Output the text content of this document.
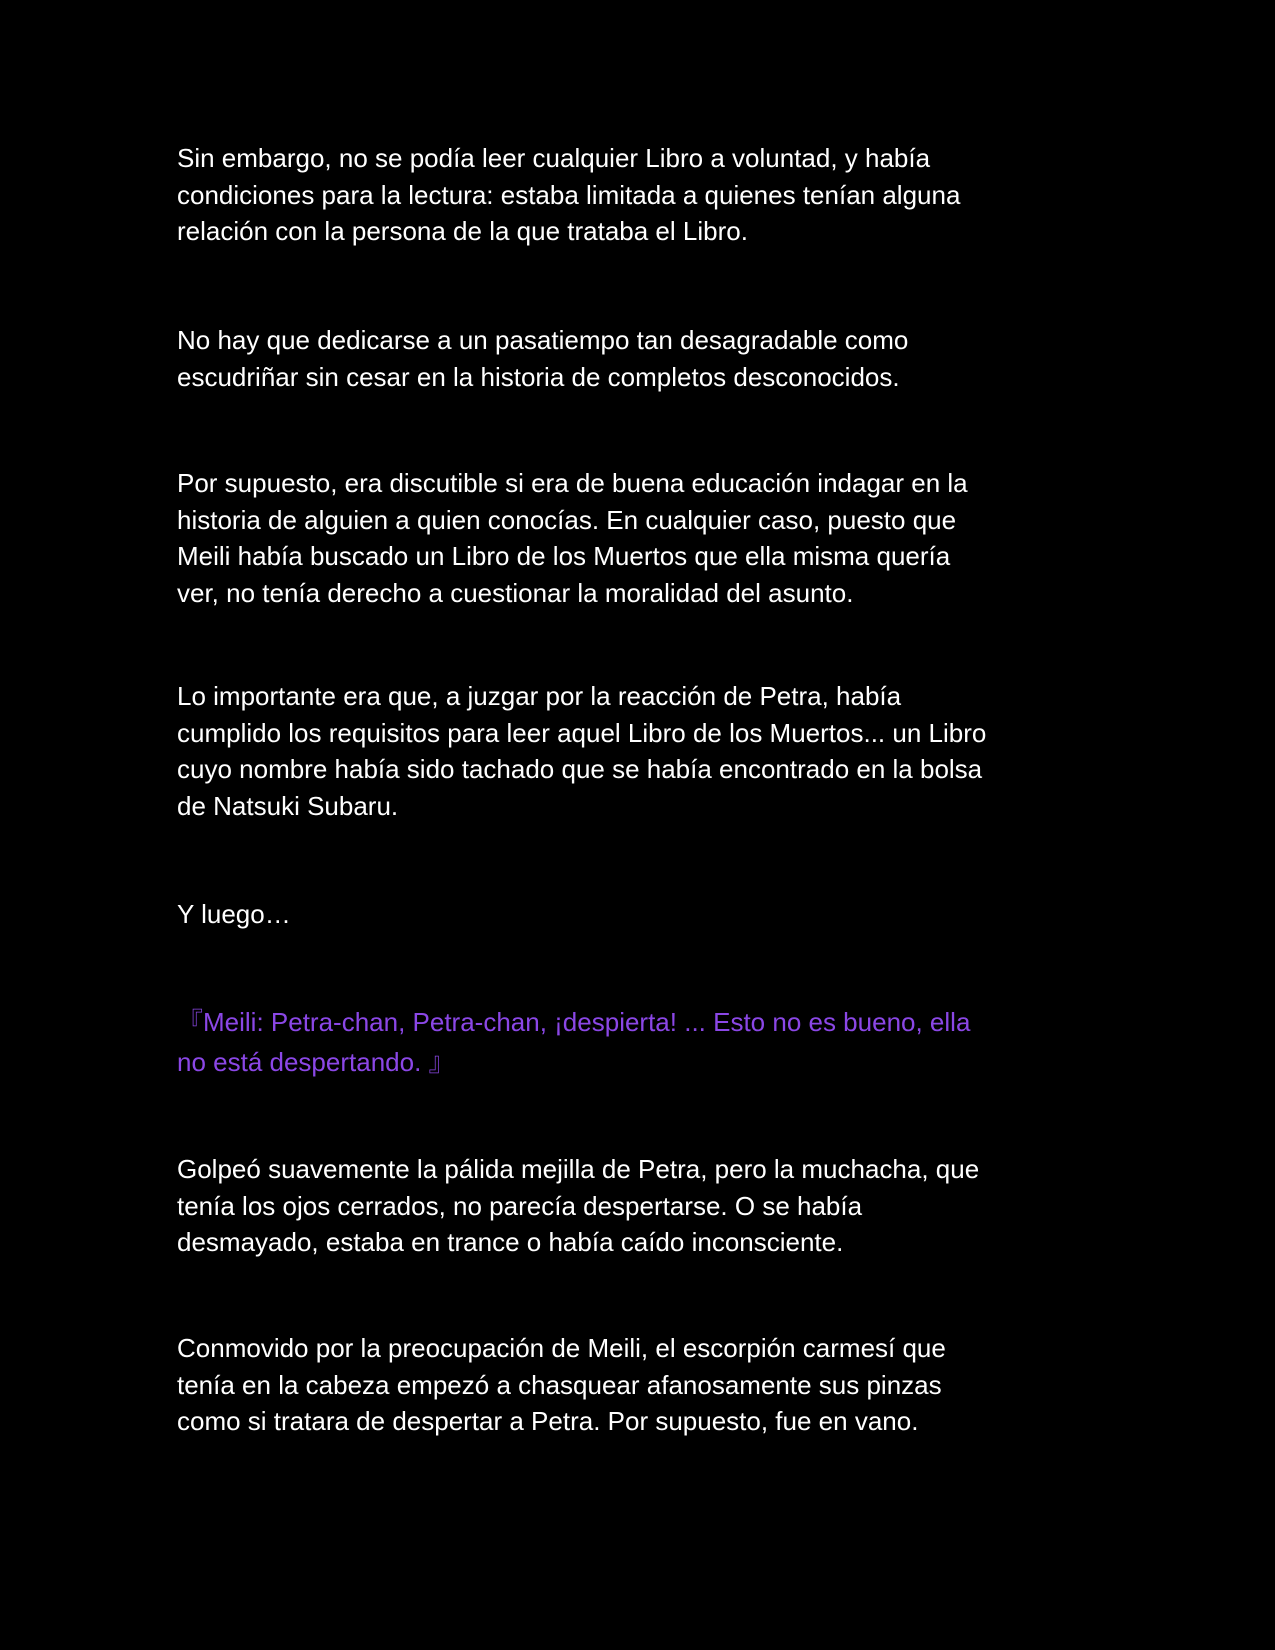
Sin embargo, no se podía leer cualquier Libro a voluntad, y había
condiciones para la lectura: estaba limitada a quienes tenían alguna
relación con la persona de la que trataba el Libro.

No hay que dedicarse a un pasatiempo tan desagradable como
escudriñar sin cesar en la historia de completos desconocidos.

Por supuesto, era discutible si era de buena educación indagar en la
historia de alguien a quien conocías. En cualquier caso, puesto que
Meili había buscado un Libro de los Muertos que ella misma quería
ver, no tenía derecho a cuestionar la moralidad del asunto.

Lo importante era que, a juzgar por la reacción de Petra, había
cumplido los requisitos para leer aquel Libro de los Muertos... un Libro
cuyo nombre había sido tachado que se había encontrado en la bolsa
de Natsuki Subaru.

Y luego…

『Meili: Petra-chan, Petra-chan, ¡despierta! ... Esto no es bueno, ella
no está despertando. 』

Golpeó suavemente la pálida mejilla de Petra, pero la muchacha, que
tenía los ojos cerrados, no parecía despertarse. O se había
desmayado, estaba en trance o había caído inconsciente.

Conmovido por la preocupación de Meili, el escorpión carmesí que
tenía en la cabeza empezó a chasquear afanosamente sus pinzas
como si tratara de despertar a Petra. Por supuesto, fue en vano.
